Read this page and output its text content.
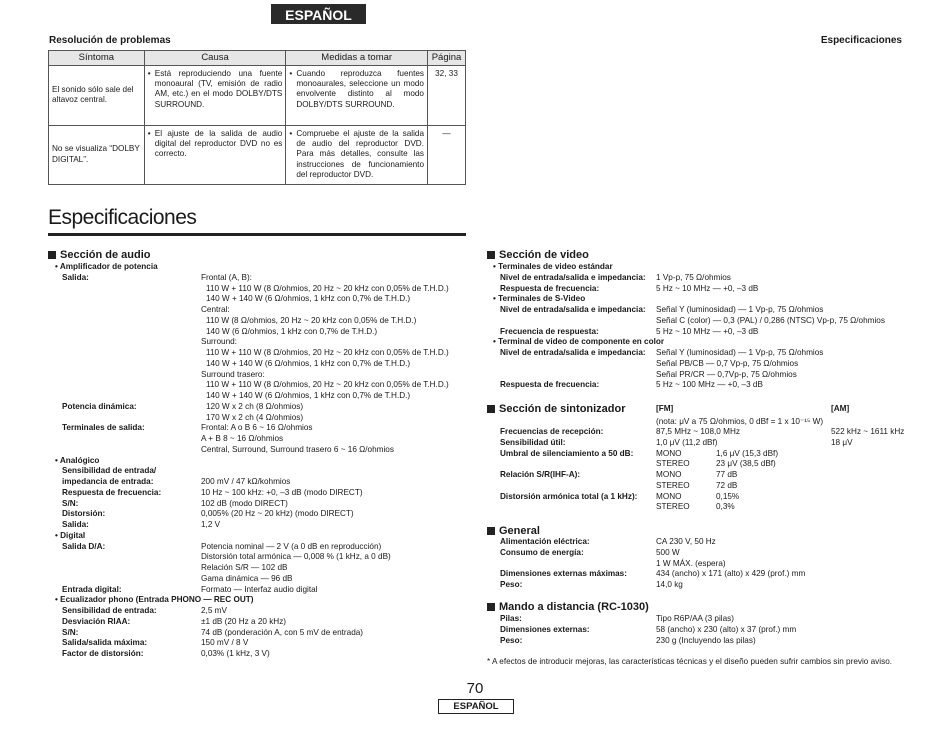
ESPAÑOL
Resolución de problemas	Especificaciones
Síntoma	Causa	Medidas a tomar	Página
El sonido sólo sale del altavoz central.	• Está reproduciendo una fuente monoaural (TV, emisión de radio AM, etc.) en el modo DOLBY/DTS SURROUND.	• Cuando reproduzca fuentes monoaurales, seleccione un modo envolvente distinto al modo DOLBY/DTS SURROUND.	32, 33
No se visualiza “DOLBY DIGITAL”.	• El ajuste de la salida de audio digital del reproductor DVD no es correcto.	• Compruebe el ajuste de la salida de audio del reproductor DVD. Para más detalles, consulte las instrucciones de funcionamiento del reproductor DVD.	—
Especificaciones
Sección de audio
• Amplificador de potencia
Salida:	Frontal (A, B):
110 W + 110 W (8 Ω/ohmios, 20 Hz ~ 20 kHz con 0,05% de T.H.D.)
140 W + 140 W (6 Ω/ohmios, 1 kHz con 0,7% de T.H.D.)
Central:
110 W (8 Ω/ohmios, 20 Hz ~ 20 kHz con 0,05% de T.H.D.)
140 W (6 Ω/ohmios, 1 kHz con 0,7% de T.H.D.)
Surround:
110 W + 110 W (8 Ω/ohmios, 20 Hz ~ 20 kHz con 0,05% de T.H.D.)
140 W + 140 W (6 Ω/ohmios, 1 kHz con 0,7% de T.H.D.)
Surround trasero:
110 W + 110 W (8 Ω/ohmios, 20 Hz ~ 20 kHz con 0,05% de T.H.D.)
140 W + 140 W (6 Ω/ohmios, 1 kHz con 0,7% de T.H.D.)
Potencia dinámica:	120 W x 2 ch (8 Ω/ohmios)
170 W x 2 ch (4 Ω/ohmios)
Terminales de salida:	Frontal: A o B 6 ~ 16 Ω/ohmios
A + B 8 ~ 16 Ω/ohmios
Central, Surround, Surround trasero 6 ~ 16 Ω/ohmios
• Analógico
Sensibilidad de entrada/
impedancia de entrada:	200 mV / 47 kΩ/kohmios
Respuesta de frecuencia:	10 Hz ~ 100 kHz: +0, –3 dB (modo DIRECT)
S/N:	102 dB (modo DIRECT)
Distorsión:	0,005% (20 Hz ~ 20 kHz) (modo DIRECT)
Salida:	1,2 V
• Digital
Salida D/A:	Potencia nominal — 2 V (a 0 dB en reproducción)
Distorsión total armónica — 0,008 % (1 kHz, a 0 dB)
Relación S/R — 102 dB
Gama dinámica — 96 dB
Entrada digital:	Formato — Interfaz audio digital
• Ecualizador phono (Entrada PHONO — REC OUT)
Sensibilidad de entrada:	2,5 mV
Desviación RIAA:	±1 dB (20 Hz a 20 kHz)
S/N:	74 dB (ponderación A, con 5 mV de entrada)
Salida/salida máxima:	150 mV / 8 V
Factor de distorsión:	0,03% (1 kHz, 3 V)
Sección de video
• Terminales de video estándar
Nivel de entrada/salida e impedancia: 1 Vp-p, 75 Ω/ohmios
Respuesta de frecuencia:	5 Hz ~ 10 MHz — +0, –3 dB
• Terminales de S-Video
Nivel de entrada/salida e impedancia: Señal Y (luminosidad) — 1 Vp-p, 75 Ω/ohmios
Señal C (color) — 0,3 (PAL) / 0,286 (NTSC) Vp-p, 75 Ω/ohmios
Frecuencia de respuesta:	5 Hz ~ 10 MHz — +0, –3 dB
• Terminal de video de componente en color
Nivel de entrada/salida e impedancia: Señal Y (luminosidad) — 1 Vp-p, 75 Ω/ohmios
Señal PB/CB — 0,7 Vp-p, 75 Ω/ohmios
Señal PR/CR — 0,7Vp-p, 75 Ω/ohmios
Respuesta de frecuencia:	5 Hz ~ 100 MHz — +0, –3 dB
Sección de sintonizador	[FM]	[AM]
(nota: μV a 75 Ω/ohmios, 0 dBf = 1 x 10⁻¹⁵ W)
Frecuencias de recepción:	87,5 MHz ~ 108,0 MHz	522 kHz ~ 1611 kHz
Sensibilidad útil:	1,0 μV (11,2 dBf)	18 μV
Umbral de silenciamiento a 50 dB:	MONO	1,6 μV (15,3 dBf)
STEREO	23 μV (38,5 dBf)
Relación S/R(IHF-A):	MONO	77 dB
STEREO	72 dB
Distorsión armónica total (a 1 kHz): MONO	0,15%
STEREO	0,3%
General
Alimentación eléctrica:	CA 230 V, 50 Hz
Consumo de energía:	500 W
1 W MÁX. (espera)
Dimensiones externas máximas:	434 (ancho) x 171 (alto) x 429 (prof.) mm
Peso:	14,0 kg
Mando a distancia (RC-1030)
Pilas:	Tipo R6P/AA (3 pilas)
Dimensiones externas:	58 (ancho) x 230 (alto) x 37 (prof.) mm
Peso:	230 g (Incluyendo las pilas)
* A efectos de introducir mejoras, las características técnicas y el diseño pueden sufrir cambios sin previo aviso.
70
ESPAÑOL
